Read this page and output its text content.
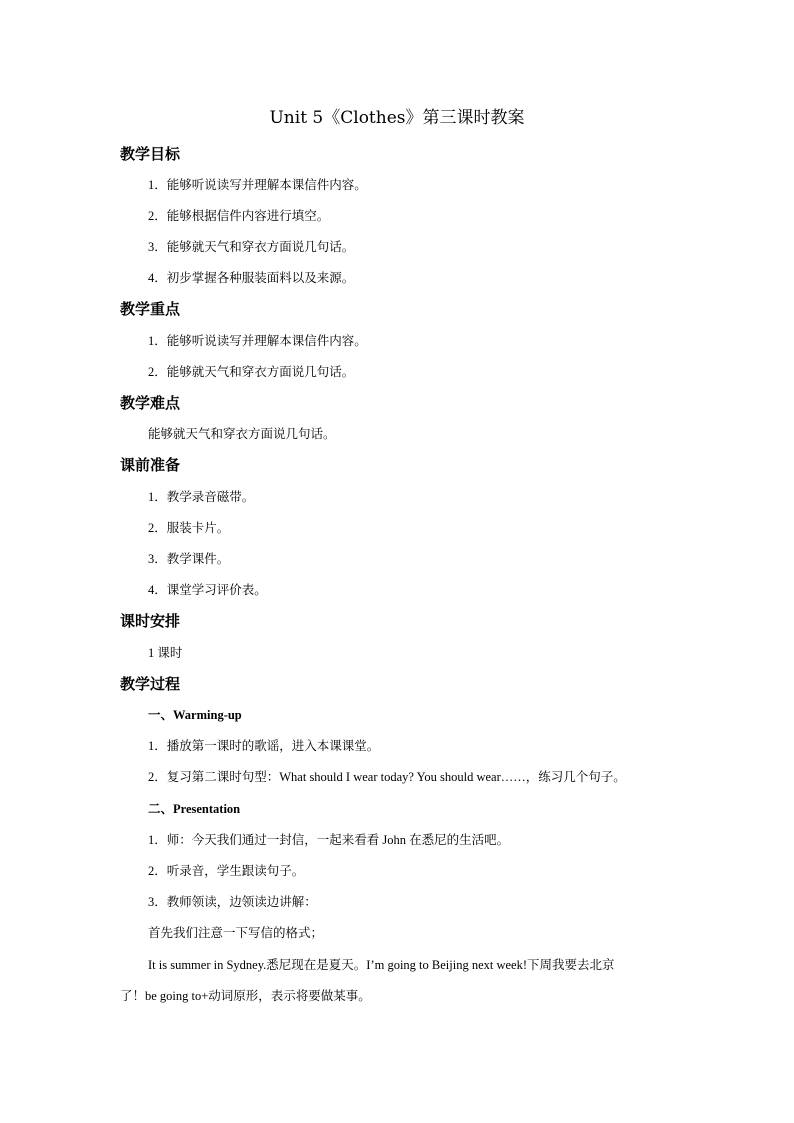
Unit 5《Clothes》第三课时教案
教学目标
1．能够听说读写并理解本课信件内容。
2．能够根据信件内容进行填空。
3．能够就天气和穿衣方面说几句话。
4．初步掌握各种服装面料以及来源。
教学重点
1．能够听说读写并理解本课信件内容。
2．能够就天气和穿衣方面说几句话。
教学难点
能够就天气和穿衣方面说几句话。
课前准备
1．教学录音磁带。
2．服装卡片。
3．教学课件。
4．课堂学习评价表。
课时安排
1 课时
教学过程
一、Warming-up
1．播放第一课时的歌谣，进入本课课堂。
2．复习第二课时句型：What should I wear today? You should wear……，练习几个句子。
二、Presentation
1．师：今天我们通过一封信，一起来看看 John 在悉尼的生活吧。
2．听录音，学生跟读句子。
3．教师领读，边领读边讲解：
首先我们注意一下写信的格式；
It is summer in Sydney.悉尼现在是夏天。I’m going to Beijing next week!下周我要去北京
了！be going to+动词原形，表示将要做某事。
